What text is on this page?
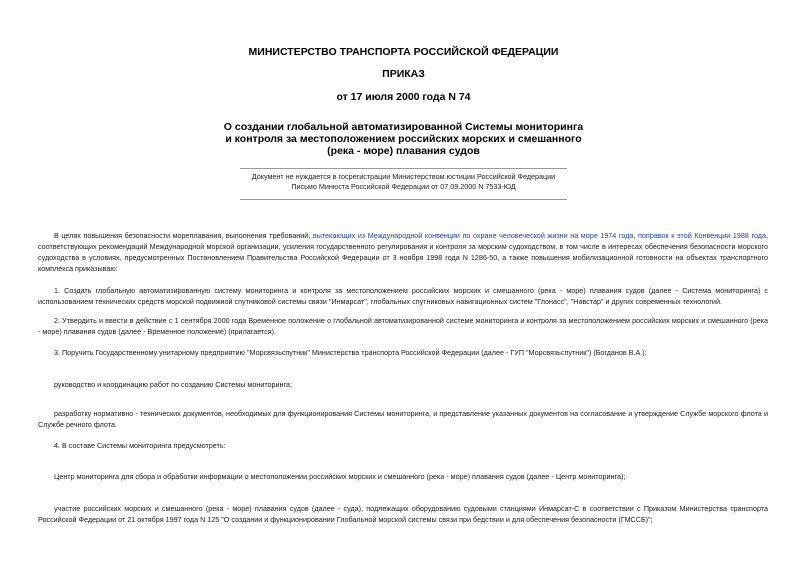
МИНИСТЕРСТВО ТРАНСПОРТА РОССИЙСКОЙ ФЕДЕРАЦИИ
ПРИКАЗ
от 17 июля 2000 года N 74
О создании глобальной автоматизированной Системы мониторинга и контроля за местоположением российских морских и смешанного (река - море) плавания судов
Документ не нуждается в госрегистрации Министерством юстиции Российской Федерации
Письмо Минюста Российской Федерации от 07.09.2000 N 7533-ЮД

В целях повышения безопасности мореплавания, выполнения требований, вытекающих из Международной конвенции по охране человеческой жизни на море 1974 года, поправок к этой Конвенции 1988 года, соответствующих рекомендаций Международной морской организации, усиления государственного регулирования и контроля за морским судоходством, в том числе в интересах обеспечения безопасности морского судоходства в условиях, предусмотренных Постановлением Правительства Российской Федерации от 3 ноября 1998 года N 1286-50, а также повышения мобилизационной готовности на объектах транспортного комплекса приказываю:

1. Создать глобальную автоматизированную систему мониторинга и контроля за местоположением российских морских и смешанного (река - море) плавания судов (далее - Система мониторинга) с использованием технических средств морской подвижной спутниковой системы связи "Инмарсат", глобальных спутниковых навигационных систем "Глонасс", "Навстар" и других современных технологий.

2. Утвердить и ввести в действие с 1 сентября 2000 года Временное положение о глобальной автоматизированной системе мониторинга и контроля за местоположением российских морских и смешанного (река - море) плавания судов (далее - Временное положение) (прилагается).

3. Поручить Государственному унитарному предприятию "Морсвязьспутник" Министерства транспорта Российской Федерации (далее - ГУП "Морсвязьспутник") (Богданов В.А.):

руководство и координацию работ по созданию Системы мониторинга;

разработку нормативно - технических документов, необходимых для функционирования Системы мониторинга, и представление указанных документов на согласование и утверждение Службе морского флота и Службе речного флота.

4. В составе Системы мониторинга предусмотреть:

Центр мониторинга для сбора и обработки информации о местоположении российских морских и смешанного (река - море) плавания судов (далее - Центр мониторинга);

участие российских морских и смешанного (река - море) плавания судов (далее - суда), подлежащих оборудованию судовыми станциями Инмарсат-С в соответствии с Приказом Министерства транспорта Российской Федерации от 21 октября 1997 года N 125 "О создании и функционировании Глобальной морской системы связи при бедствии и для обеспечения безопасности (ГМССБ)";
